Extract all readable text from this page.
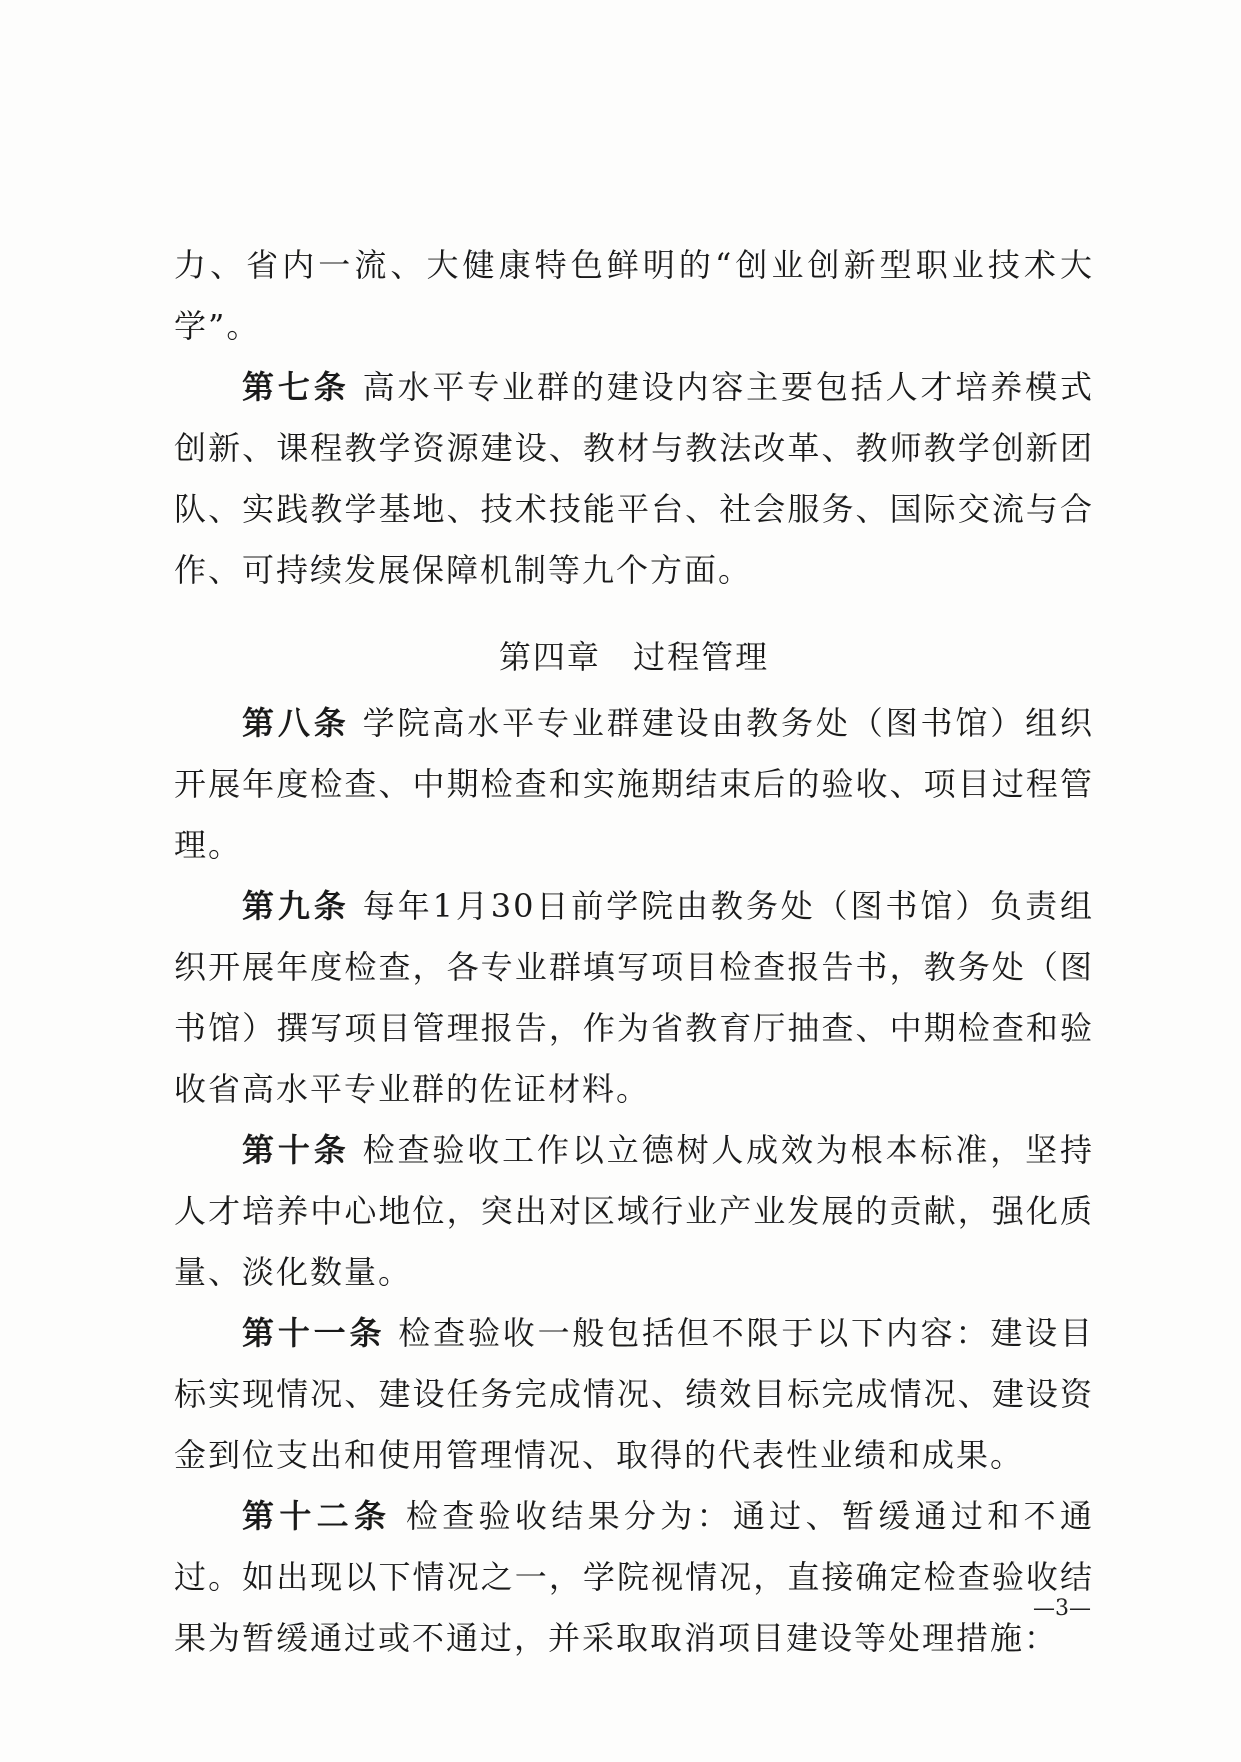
力、省内一流、大健康特色鲜明的“创业创新型职业技术大学”。

第七条 高水平专业群的建设内容主要包括人才培养模式创新、课程教学资源建设、教材与教法改革、教师教学创新团队、实践教学基地、技术技能平台、社会服务、国际交流与合作、可持续发展保障机制等九个方面。

第四章 过程管理

第八条 学院高水平专业群建设由教务处（图书馆）组织开展年度检查、中期检查和实施期结束后的验收、项目过程管理。

第九条 每年1月30日前学院由教务处（图书馆）负责组织开展年度检查，各专业群填写项目检查报告书，教务处（图书馆）撰写项目管理报告，作为省教育厅抽查、中期检查和验收省高水平专业群的佐证材料。

第十条 检查验收工作以立德树人成效为根本标准，坚持人才培养中心地位，突出对区域行业产业发展的贡献，强化质量、淡化数量。

第十一条 检查验收一般包括但不限于以下内容：建设目标实现情况、建设任务完成情况、绩效目标完成情况、建设资金到位支出和使用管理情况、取得的代表性业绩和成果。

第十二条 检查验收结果分为：通过、暂缓通过和不通过。如出现以下情况之一，学院视情况，直接确定检查验收结果为暂缓通过或不通过，并采取取消项目建设等处理措施：

—3—
